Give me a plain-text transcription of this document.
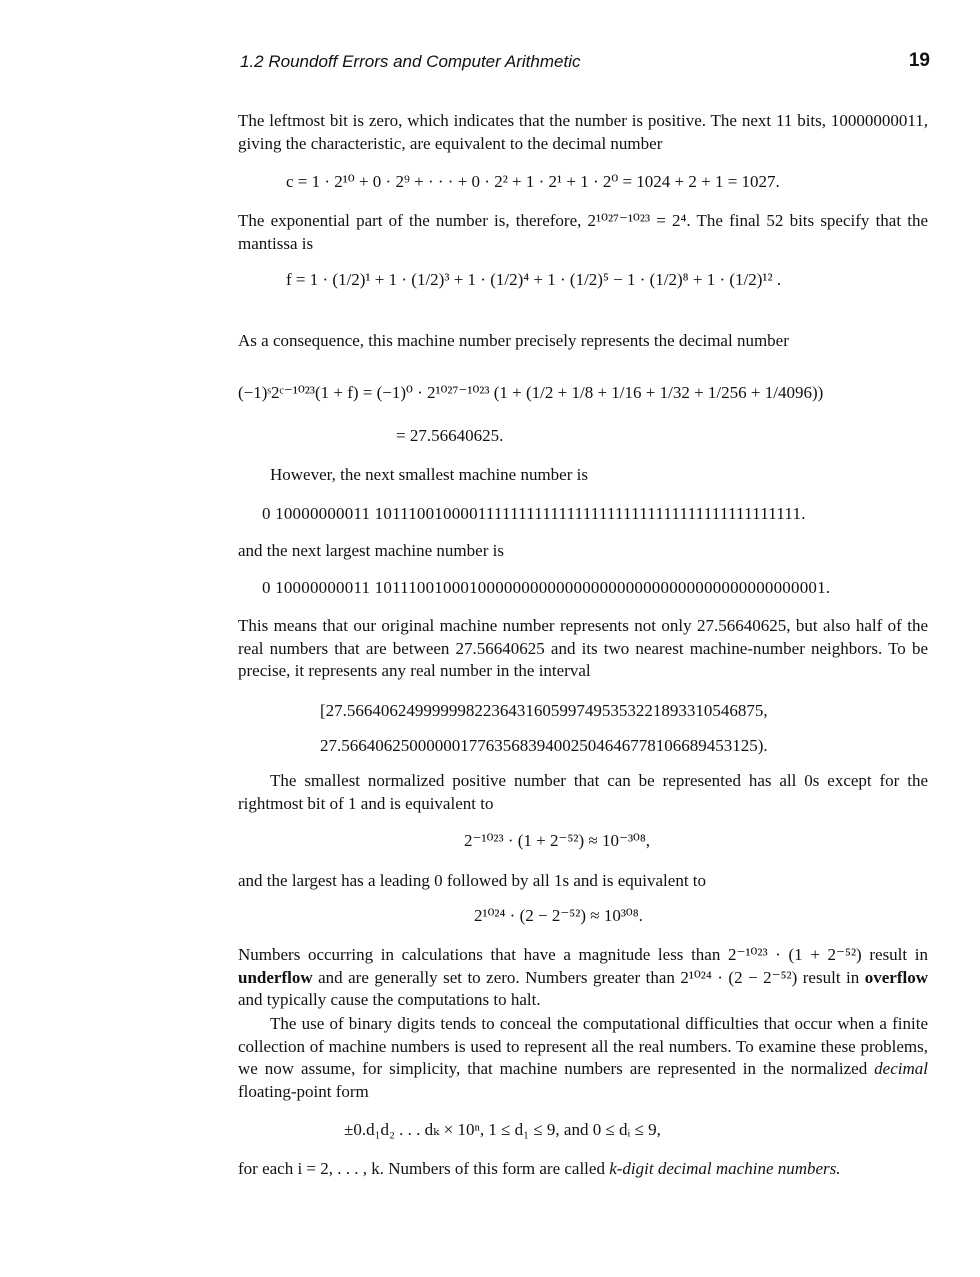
1.2 Roundoff Errors and Computer Arithmetic	19
The leftmost bit is zero, which indicates that the number is positive. The next 11 bits, 10000000011, giving the characteristic, are equivalent to the decimal number
c = 1 · 2¹⁰ + 0 · 2⁹ + · · · + 0 · 2² + 1 · 2¹ + 1 · 2⁰ = 1024 + 2 + 1 = 1027.
The exponential part of the number is, therefore, 2¹⁰²⁷⁻¹⁰²³ = 2⁴. The final 52 bits specify that the mantissa is
f = 1 · (1/2)¹ + 1 · (1/2)³ + 1 · (1/2)⁴ + 1 · (1/2)⁵ − 1 · (1/2)⁸ + 1 · (1/2)¹² .
As a consequence, this machine number precisely represents the decimal number
(−1)ˢ2ᶜ⁻¹⁰²³(1 + f) = (−1)⁰ · 2¹⁰²⁷⁻¹⁰²³ (1 + (1/2 + 1/8 + 1/16 + 1/32 + 1/256 + 1/4096))
= 27.56640625.
However, the next smallest machine number is
0 10000000011 1011100100001111111111111111111111111111111111111111.
and the next largest machine number is
0 10000000011 1011100100010000000000000000000000000000000000000001.
This means that our original machine number represents not only 27.56640625, but also half of the real numbers that are between 27.56640625 and its two nearest machine-number neighbors. To be precise, it represents any real number in the interval
[27.5664062499999982236431605997495353221893310546875,
27.5664062500000017763568394002504646778106689453125).
The smallest normalized positive number that can be represented has all 0s except for the rightmost bit of 1 and is equivalent to
2⁻¹⁰²³ · (1 + 2⁻⁵²) ≈ 10⁻³⁰⁸,
and the largest has a leading 0 followed by all 1s and is equivalent to
2¹⁰²⁴ · (2 − 2⁻⁵²) ≈ 10³⁰⁸.
Numbers occurring in calculations that have a magnitude less than 2⁻¹⁰²³ · (1 + 2⁻⁵²) result in underflow and are generally set to zero. Numbers greater than 2¹⁰²⁴ · (2 − 2⁻⁵²) result in overflow and typically cause the computations to halt.
The use of binary digits tends to conceal the computational difficulties that occur when a finite collection of machine numbers is used to represent all the real numbers. To examine these problems, we now assume, for simplicity, that machine numbers are represented in the normalized decimal floating-point form
±0.d₁d₂ . . . dₖ × 10ⁿ, 1 ≤ d₁ ≤ 9, and 0 ≤ dᵢ ≤ 9,
for each i = 2, . . . , k. Numbers of this form are called k-digit decimal machine numbers.
